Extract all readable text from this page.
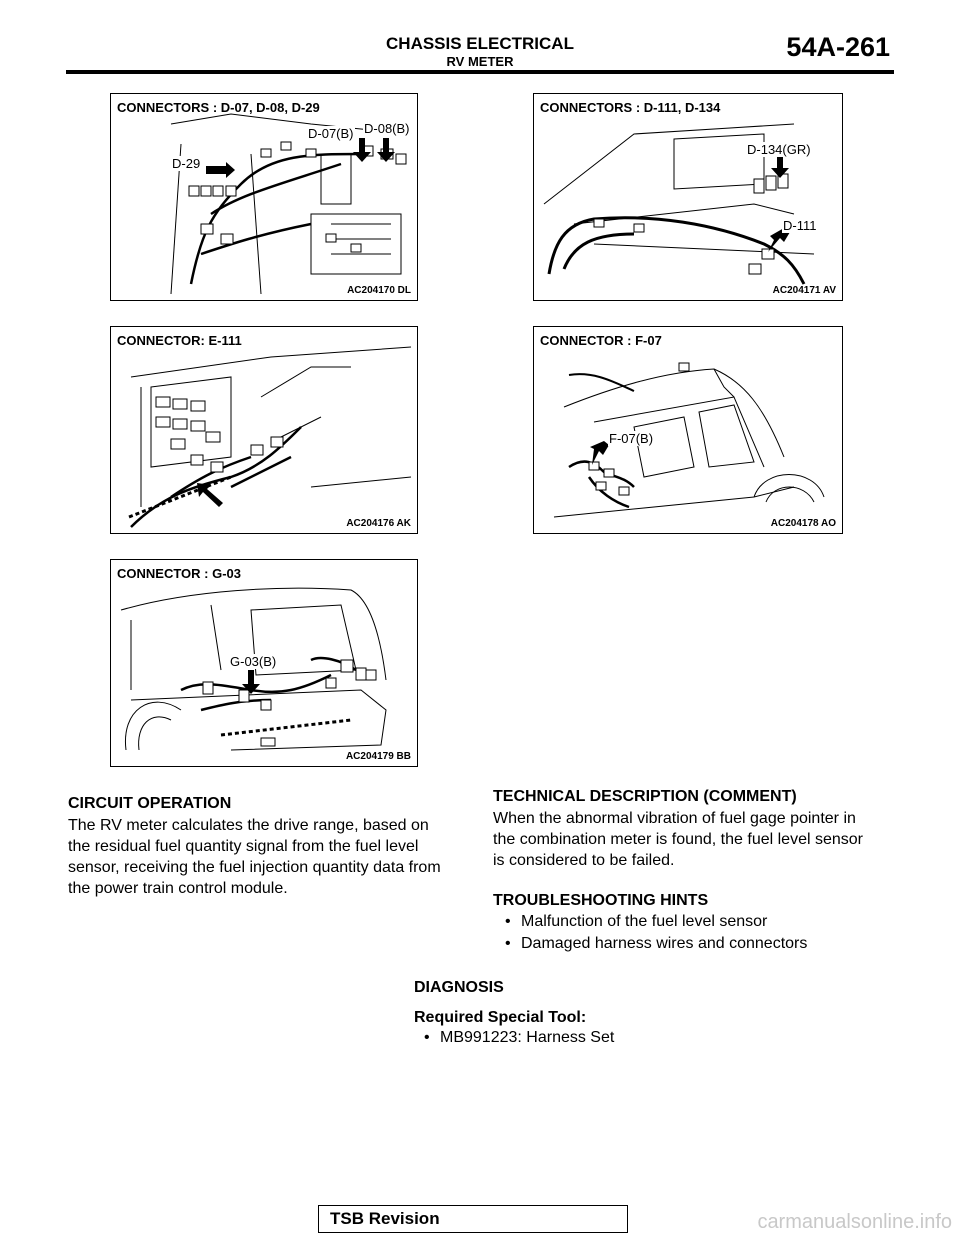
CHASSIS ELECTRICAL
RV METER	54A-261
CONNECTORS : D-07, D-08, D-29
D-07(B) D-08(B)
D-29
AC204170 DL
CONNECTORS : D-111, D-134
D-134(GR)
D-111
AC204171 AV
CONNECTOR: E-111
AC204176 AK
CONNECTOR : F-07
F-07(B)
AC204178 AO
CONNECTOR : G-03
G-03(B)
AC204179 BB
CIRCUIT OPERATION
The RV meter calculates the drive range, based on
the residual fuel quantity signal from the fuel level
sensor, receiving the fuel injection quantity data from
the power train control module.
TECHNICAL DESCRIPTION (COMMENT)
When the abnormal vibration of fuel gage pointer in
the combination meter is found, the fuel level sensor
is considered to be failed.
TROUBLESHOOTING HINTS
• Malfunction of the fuel level sensor
• Damaged harness wires and connectors
DIAGNOSIS
Required Special Tool:
• MB991223: Harness Set
TSB Revision	carmanualsonline.info
